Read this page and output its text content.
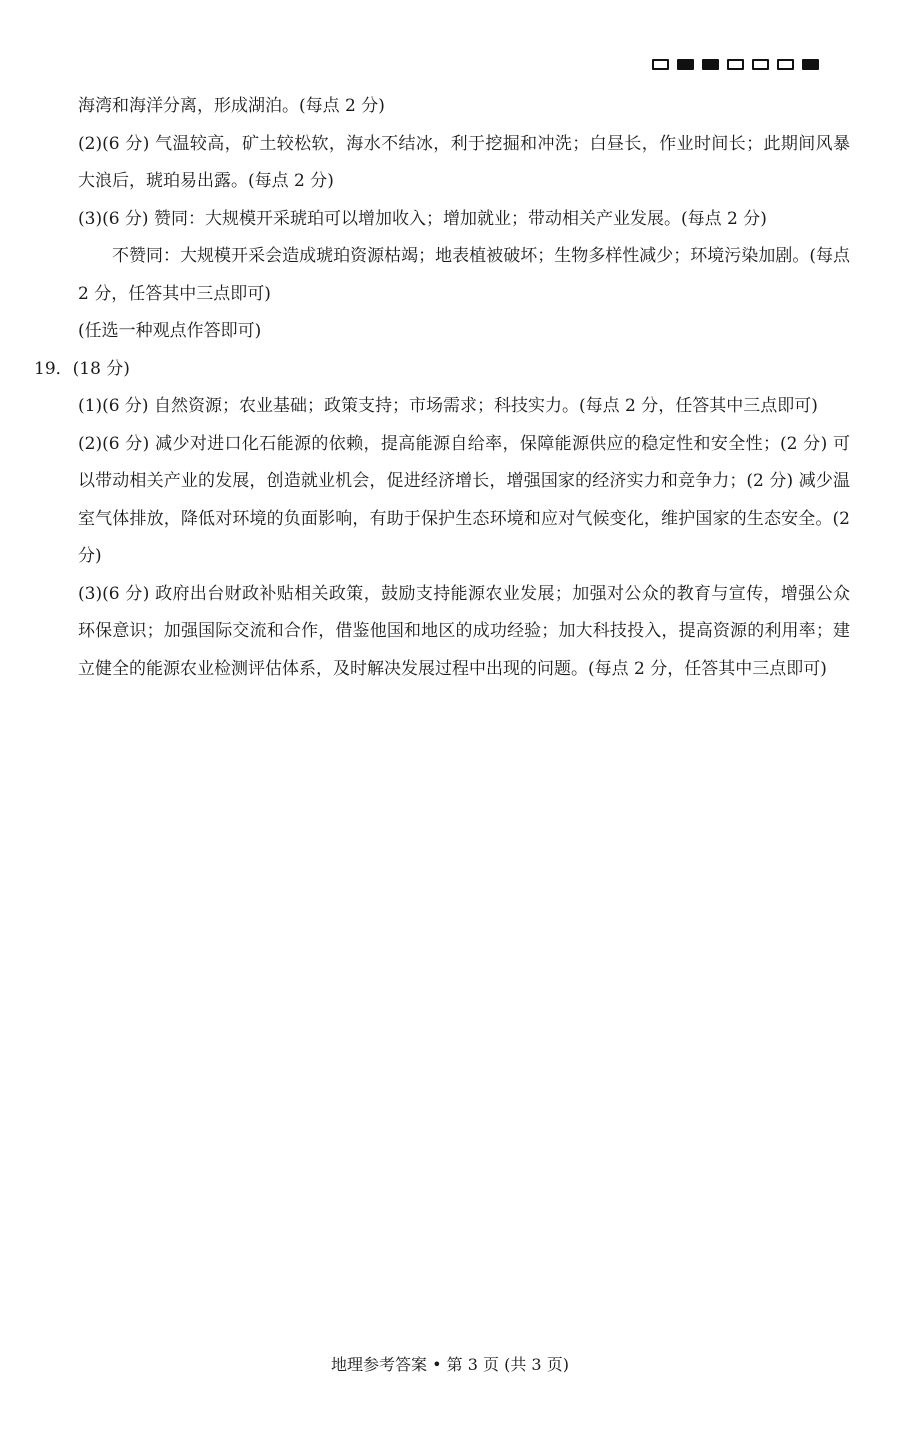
海湾和海洋分离，形成湖泊。(每点 2 分)

(2)(6 分) 气温较高，矿土较松软，海水不结冰，利于挖掘和冲洗；白昼长，作业时间长；此期间风暴大浪后，琥珀易出露。(每点 2 分)

(3)(6 分) 赞同：大规模开采琥珀可以增加收入；增加就业；带动相关产业发展。(每点 2 分)

不赞同：大规模开采会造成琥珀资源枯竭；地表植被破坏；生物多样性减少；环境污染加剧。(每点 2 分，任答其中三点即可)

(任选一种观点作答即可)

19．(18 分)

(1)(6 分) 自然资源；农业基础；政策支持；市场需求；科技实力。(每点 2 分，任答其中三点即可)

(2)(6 分) 减少对进口化石能源的依赖，提高能源自给率，保障能源供应的稳定性和安全性；(2 分) 可以带动相关产业的发展，创造就业机会，促进经济增长，增强国家的经济实力和竞争力；(2 分) 减少温室气体排放，降低对环境的负面影响，有助于保护生态环境和应对气候变化，维护国家的生态安全。(2 分)

(3)(6 分) 政府出台财政补贴相关政策，鼓励支持能源农业发展；加强对公众的教育与宣传，增强公众环保意识；加强国际交流和合作，借鉴他国和地区的成功经验；加大科技投入，提高资源的利用率；建立健全的能源农业检测评估体系，及时解决发展过程中出现的问题。(每点 2 分，任答其中三点即可)

地理参考答案 • 第 3 页 (共 3 页)
